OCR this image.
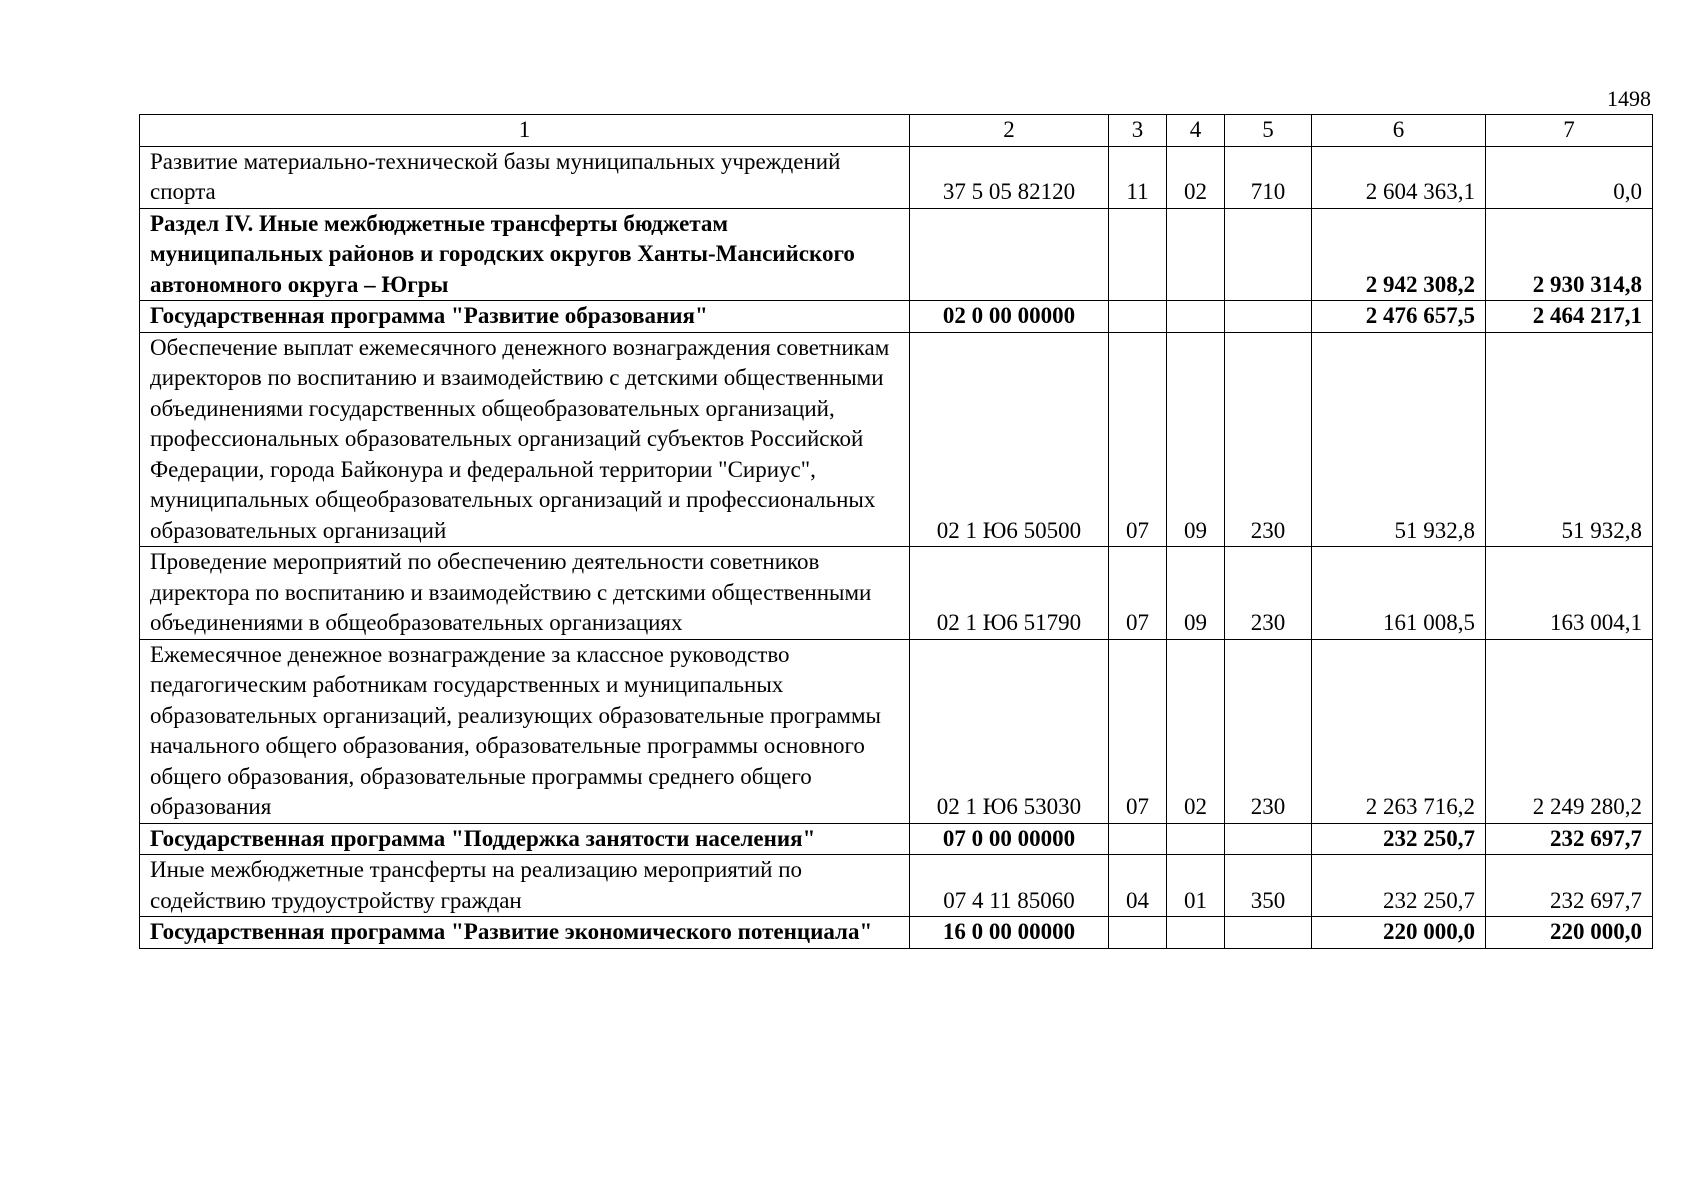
1498
1	2	3	4	5	6	7
Развитие материально-технической базы муниципальных учреждений спорта	37 5 05 82120	11	02	710	2 604 363,1	0,0
Раздел IV. Иные межбюджетные трансферты бюджетам муниципальных районов и городских округов Ханты-Мансийского автономного округа – Югры					2 942 308,2	2 930 314,8
Государственная программа "Развитие образования"	02 0 00 00000				2 476 657,5	2 464 217,1
Обеспечение выплат ежемесячного денежного вознаграждения советникам директоров по воспитанию и взаимодействию с детскими общественными объединениями государственных общеобразовательных организаций, профессиональных образовательных организаций субъектов Российской Федерации, города Байконура и федеральной территории "Сириус", муниципальных общеобразовательных организаций и профессиональных образовательных организаций	02 1 Ю6 50500	07	09	230	51 932,8	51 932,8
Проведение мероприятий по обеспечению деятельности советников директора по воспитанию и взаимодействию с детскими общественными объединениями в общеобразовательных организациях	02 1 Ю6 51790	07	09	230	161 008,5	163 004,1
Ежемесячное денежное вознаграждение за классное руководство педагогическим работникам государственных и муниципальных образовательных организаций, реализующих образовательные программы начального общего образования, образовательные программы основного общего образования, образовательные программы среднего общего образования	02 1 Ю6 53030	07	02	230	2 263 716,2	2 249 280,2
Государственная программа "Поддержка занятости населения"	07 0 00 00000				232 250,7	232 697,7
Иные межбюджетные трансферты на реализацию мероприятий по содействию трудоустройству граждан	07 4 11 85060	04	01	350	232 250,7	232 697,7
Государственная программа "Развитие экономического потенциала"	16 0 00 00000				220 000,0	220 000,0
